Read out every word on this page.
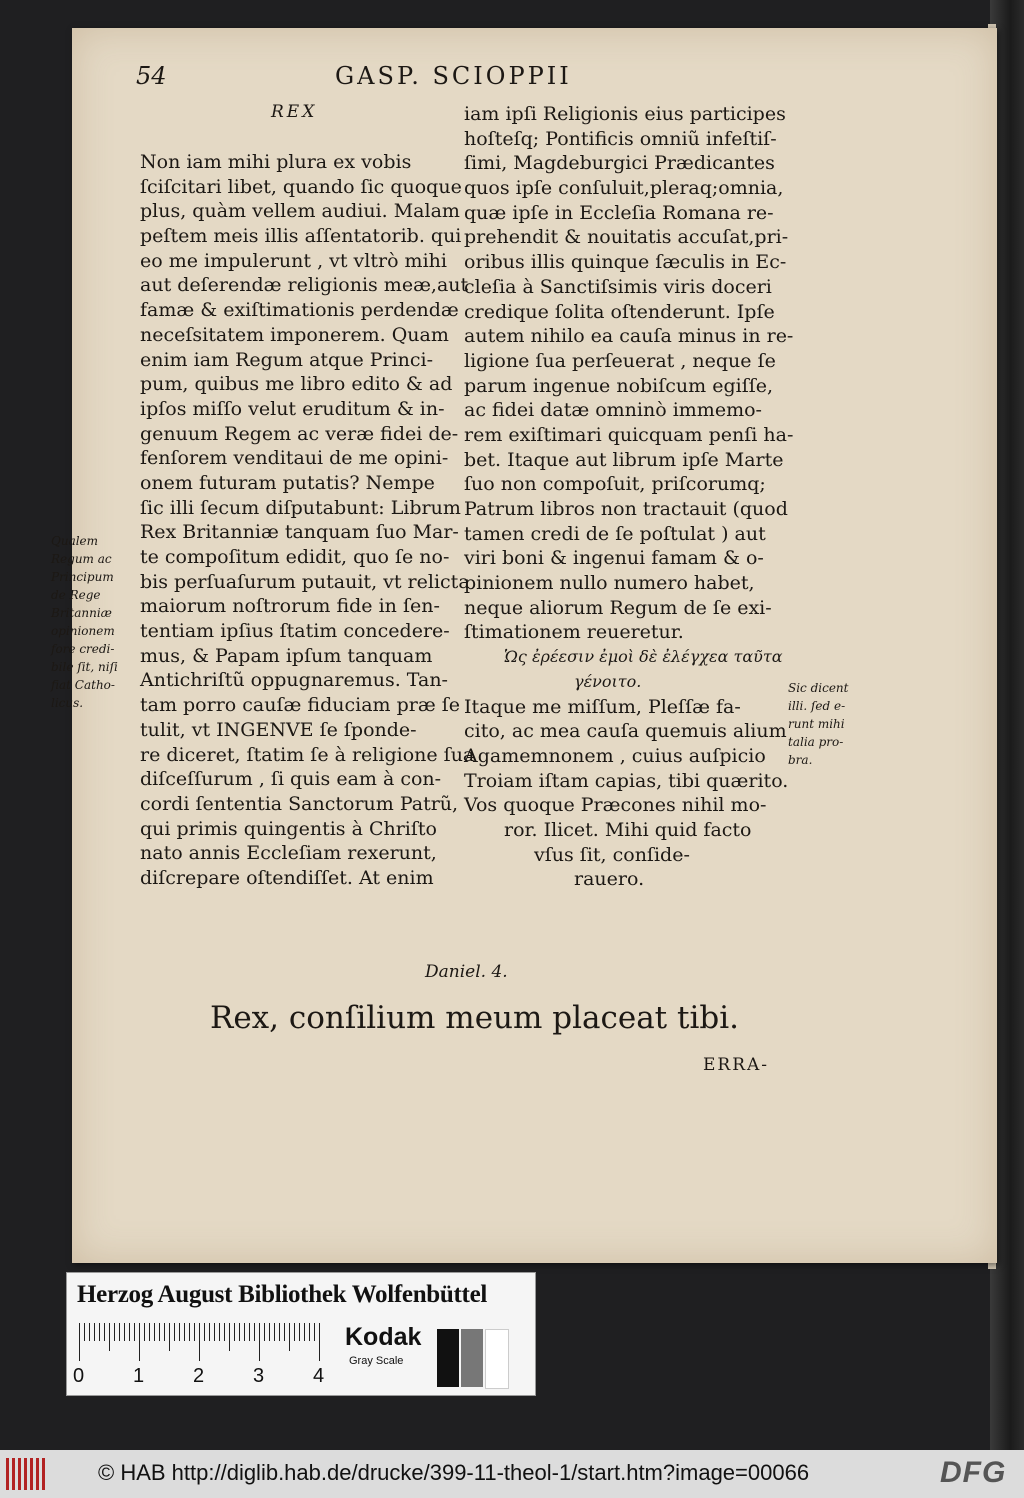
54	GASP. SCIOPPII
REX
Non iam mihi plura ex vobis
ſciſcitari libet, quando ſic quoque
plus, quàm vellem audiui. Malam
peſtem meis illis aſſentatorib. qui
eo me impulerunt , vt vltrò mihi
aut deſerendæ religionis meæ,aut
famæ & exiſtimationis perdendæ
neceſsitatem imponerem. Quam
enim iam Regum atque Princi-
pum, quibus me libro edito & ad
ipſos miſſo velut eruditum & in-
genuum Regem ac veræ fidei de-
fenſorem venditaui de me opini-
onem futuram putatis? Nempe
ſic illi ſecum diſputabunt: Librum
Rex Britanniæ tanquam ſuo Mar-
te compoſitum edidit, quo ſe no-
bis perſuaſurum putauit, vt relicta
maiorum noſtrorum fide in ſen-
tentiam ipſius ſtatim concedere-
mus, & Papam ipſum tanquam
Antichriſtũ oppugnaremus. Tan-
tam porro cauſæ fiduciam præ ſe
tulit, vt INGENVE ſe ſponde-
re diceret, ſtatim ſe à religione ſua
diſceſſurum , ſi quis eam à con-
cordi ſententia Sanctorum Patrũ,
qui primis quingentis à Chriſto
nato annis Eccleſiam rexerunt,
diſcrepare oſtendiſſet. At enim
iam ipſi Religionis eius participes
hoſteſq; Pontificis omniũ infeſtiſ-
ſimi, Magdeburgici Prædicantes
quos ipſe conſuluit,pleraq;omnia,
quæ ipſe in Eccleſia Romana re-
prehendit & nouitatis accuſat,pri-
oribus illis quinque ſæculis in Ec-
cleſia à Sanctiſsimis viris doceri
credique ſolita oſtenderunt. Ipſe
autem nihilo ea cauſa minus in re-
ligione ſua perſeuerat , neque ſe
parum ingenue nobiſcum egiſſe,
ac fidei datæ omninò immemo-
rem exiſtimari quicquam penſi ha-
bet. Itaque aut librum ipſe Marte
ſuo non compoſuit, priſcorumq;
Patrum libros non tractauit (quod
tamen credi de ſe poſtulat ) aut
viri boni & ingenui famam & o-
pinionem nullo numero habet,
neque aliorum Regum de ſe exi-
ſtimationem reueretur.
Ὡς ἐρέεσιν ἐμοὶ δὲ ἐλέγχεα ταῦτα
γένοιτο.
Itaque me miſſum, Pleſſæ fa-
cito, ac mea cauſa quemuis alium
Agamemnonem , cuius auſpicio
Troiam iſtam capias, tibi quærito.
Vos quoque Præcones nihil mo-
ror. Ilicet. Mihi quid facto
vſus ſit, conſide-
rauero.
Qualem
Regum ac
Principum
de Rege
Britanniæ
opinionem
fore credi-
bile ſit, niſi
fiat Catho-
licus.
Sic dicent
illi. ſed e-
runt mihi
talia pro-
bra.
Daniel. 4.
Rex, conſilium meum placeat tibi.
ERRA-
Herzog August Bibliothek Wolfenbüttel
0 1 2 3 4
Kodak
Gray Scale
© HAB http://diglib.hab.de/drucke/399-11-theol-1/start.htm?image=00066	DFG
